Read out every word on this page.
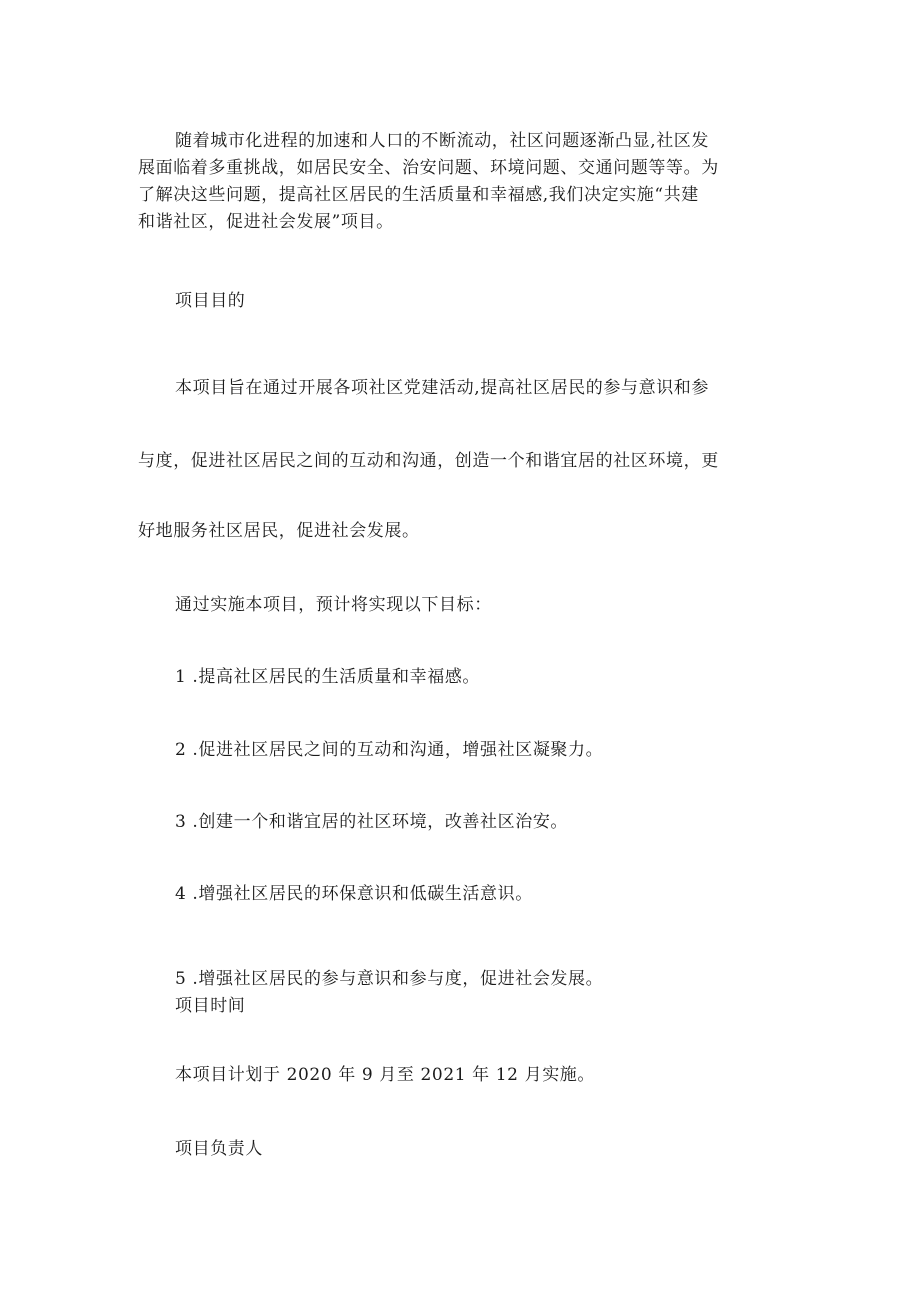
随着城市化进程的加速和人口的不断流动，社区问题逐渐凸显,社区发
展面临着多重挑战，如居民安全、治安问题、环境问题、交通问题等等。为
了解决这些问题，提高社区居民的生活质量和幸福感,我们决定实施“共建
和谐社区，促进社会发展”项目。
项目目的
本项目旨在通过开展各项社区党建活动,提高社区居民的参与意识和参
与度，促进社区居民之间的互动和沟通，创造一个和谐宜居的社区环境，更
好地服务社区居民，促进社会发展。
通过实施本项目，预计将实现以下目标：
1 .提高社区居民的生活质量和幸福感。
2 .促进社区居民之间的互动和沟通，增强社区凝聚力。
3 .创建一个和谐宜居的社区环境，改善社区治安。
4 .增强社区居民的环保意识和低碳生活意识。
5 .增强社区居民的参与意识和参与度，促进社会发展。
项目时间
本项目计划于 2020 年 9 月至 2021 年 12 月实施。
项目负责人
